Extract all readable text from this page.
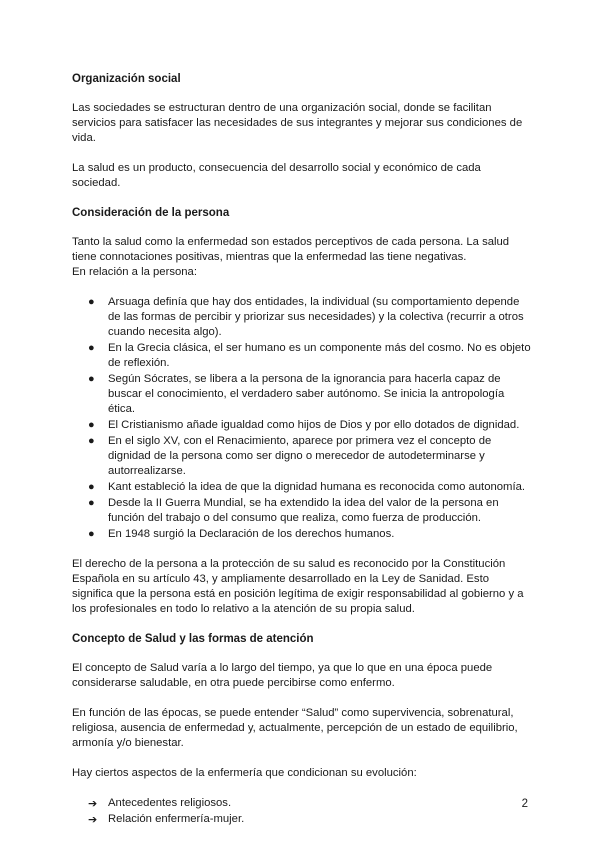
Organización social

Las sociedades se estructuran dentro de una organización social, donde se facilitan servicios para satisfacer las necesidades de sus integrantes y mejorar sus condiciones de vida.

La salud es un producto, consecuencia del desarrollo social y económico de cada sociedad.

Consideración de la persona

Tanto la salud como la enfermedad son estados perceptivos de cada persona. La salud tiene connotaciones positivas, mientras que la enfermedad las tiene negativas.

En relación a la persona:

● Arsuaga definía que hay dos entidades, la individual (su comportamiento depende de las formas de percibir y priorizar sus necesidades) y la colectiva (recurrir a otros cuando necesita algo).
● En la Grecia clásica, el ser humano es un componente más del cosmo. No es objeto de reflexión.
● Según Sócrates, se libera a la persona de la ignorancia para hacerla capaz de buscar el conocimiento, el verdadero saber autónomo. Se inicia la antropología ética.
● El Cristianismo añade igualdad como hijos de Dios y por ello dotados de dignidad.
● En el siglo XV, con el Renacimiento, aparece por primera vez el concepto de dignidad de la persona como ser digno o merecedor de autodeterminarse y autorrealizarse.
● Kant estableció la idea de que la dignidad humana es reconocida como autonomía.
● Desde la II Guerra Mundial, se ha extendido la idea del valor de la persona en función del trabajo o del consumo que realiza, como fuerza de producción.
● En 1948 surgió la Declaración de los derechos humanos.

El derecho de la persona a la protección de su salud es reconocido por la Constitución Española en su artículo 43, y ampliamente desarrollado en la Ley de Sanidad. Esto significa que la persona está en posición legítima de exigir responsabilidad al gobierno y a los profesionales en todo lo relativo a la atención de su propia salud.

Concepto de Salud y las formas de atención

El concepto de Salud varía a lo largo del tiempo, ya que lo que en una época puede considerarse saludable, en otra puede percibirse como enfermo.

En función de las épocas, se puede entender “Salud” como supervivencia, sobrenatural, religiosa, ausencia de enfermedad y, actualmente, percepción de un estado de equilibrio, armonía y/o bienestar.

Hay ciertos aspectos de la enfermería que condicionan su evolución:

➔ Antecedentes religiosos.
➔ Relación enfermería-mujer.
2
